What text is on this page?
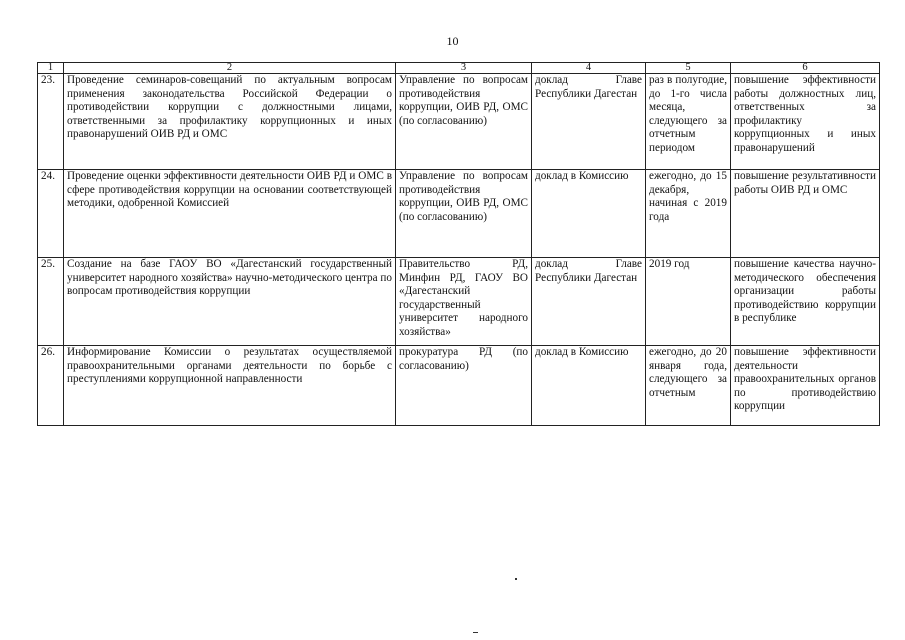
10
1	2	3	4	5	6
23.	Проведение семинаров-совещаний по актуальным вопросам применения законодательства Российской Федерации о противодействии коррупции с должностными лицами, ответственными за профилактику коррупционных и иных правонарушений ОИВ РД и ОМС	Управление по вопросам противодействия коррупции, ОИВ РД, ОМС (по согласованию)	доклад Главе Республики Дагестан	раз в полугодие, до 1-го числа месяца, следующего за отчетным периодом	повышение эффективности работы должностных лиц, ответственных за профилактику коррупционных и иных правонарушений
24.	Проведение оценки эффективности деятельности ОИВ РД и ОМС в сфере противодействия коррупции на основании соответствующей методики, одобренной Комиссией	Управление по вопросам противодействия коррупции, ОИВ РД, ОМС (по согласованию)	доклад в Комиссию	ежегодно, до 15 декабря, начиная с 2019 года	повышение результативности работы ОИВ РД и ОМС
25.	Создание на базе ГАОУ ВО «Дагестанский государственный университет народного хозяйства» научно-методического центра по вопросам противодействия коррупции	Правительство РД, Минфин РД, ГАОУ ВО «Дагестанский государственный университет народного хозяйства»	доклад Главе Республики Дагестан	2019 год	повышение качества научно-методического обеспечения организации работы противодействию коррупции в республике
26.	Информирование Комиссии о результатах осуществляемой правоохранительными органами деятельности по борьбе с преступлениями коррупционной направленности	прокуратура РД (по согласованию)	доклад в Комиссию	ежегодно, до 20 января года, следующего за отчетным	повышение эффективности деятельности правоохранительных органов по противодействию коррупции
